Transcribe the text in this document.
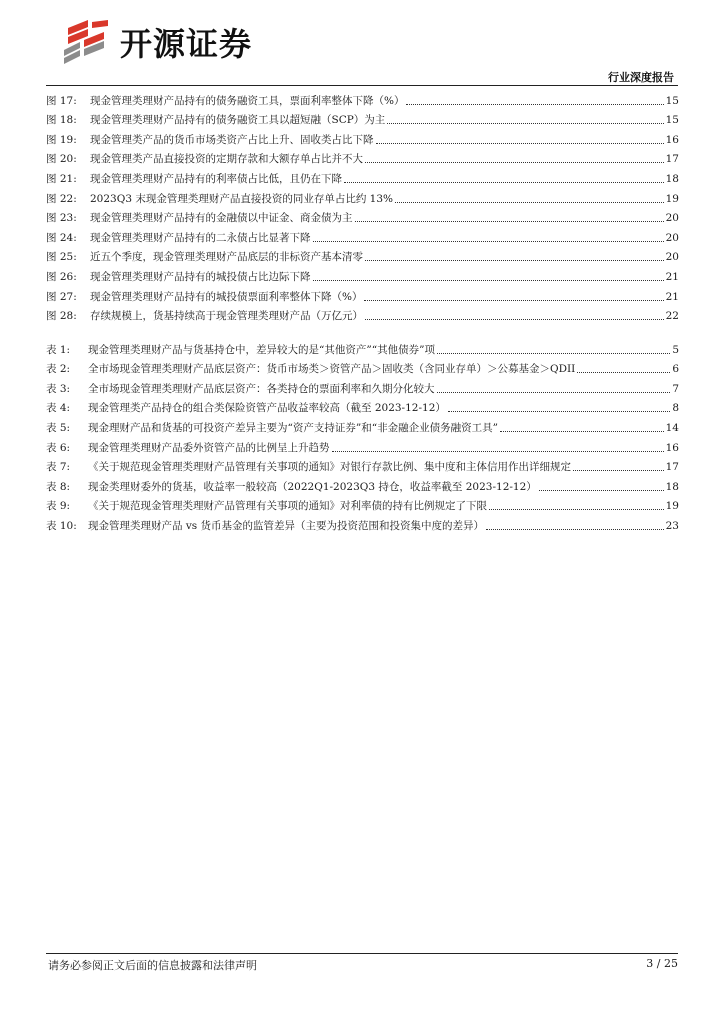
开源证券
行业深度报告
图 17:	现金管理类理财产品持有的债务融资工具，票面利率整体下降（%）	15
图 18:	现金管理类理财产品持有的债务融资工具以超短融（SCP）为主	15
图 19:	现金管理类产品的货币市场类资产占比上升、固收类占比下降	16
图 20:	现金管理类产品直接投资的定期存款和大额存单占比并不大	17
图 21:	现金管理类理财产品持有的利率债占比低，且仍在下降	18
图 22:	2023Q3 末现金管理类理财产品直接投资的同业存单占比约 13%	19
图 23:	现金管理类理财产品持有的金融债以中证金、商金债为主	20
图 24:	现金管理类理财产品持有的二永债占比显著下降	20
图 25:	近五个季度，现金管理类理财产品底层的非标资产基本清零	20
图 26:	现金管理类理财产品持有的城投债占比边际下降	21
图 27:	现金管理类理财产品持有的城投债票面利率整体下降（%）	21
图 28:	存续规模上，货基持续高于现金管理类理财产品（万亿元）	22
表 1:	现金管理类理财产品与货基持仓中，差异较大的是“其他资产”“其他债券”项	5
表 2:	全市场现金管理类理财产品底层资产：货币市场类＞资管产品＞固收类（含同业存单）＞公募基金＞QDII	6
表 3:	全市场现金管理类理财产品底层资产：各类持仓的票面利率和久期分化较大	7
表 4:	现金管理类产品持仓的组合类保险资管产品收益率较高（截至 2023-12-12）	8
表 5:	现金理财产品和货基的可投资产差异主要为“资产支持证券”和“非金融企业债务融资工具”	14
表 6:	现金管理类理财产品委外资管产品的比例呈上升趋势	16
表 7:	《关于规范现金管理类理财产品管理有关事项的通知》对银行存款比例、集中度和主体信用作出详细规定	17
表 8:	现金类理财委外的货基，收益率一般较高（2022Q1-2023Q3 持仓，收益率截至 2023-12-12）	18
表 9:	《关于规范现金管理类理财产品管理有关事项的通知》对利率债的持有比例规定了下限	19
表 10:	现金管理类理财产品 vs 货币基金的监管差异（主要为投资范围和投资集中度的差异）	23
请务必参阅正文后面的信息披露和法律声明	3 / 25
